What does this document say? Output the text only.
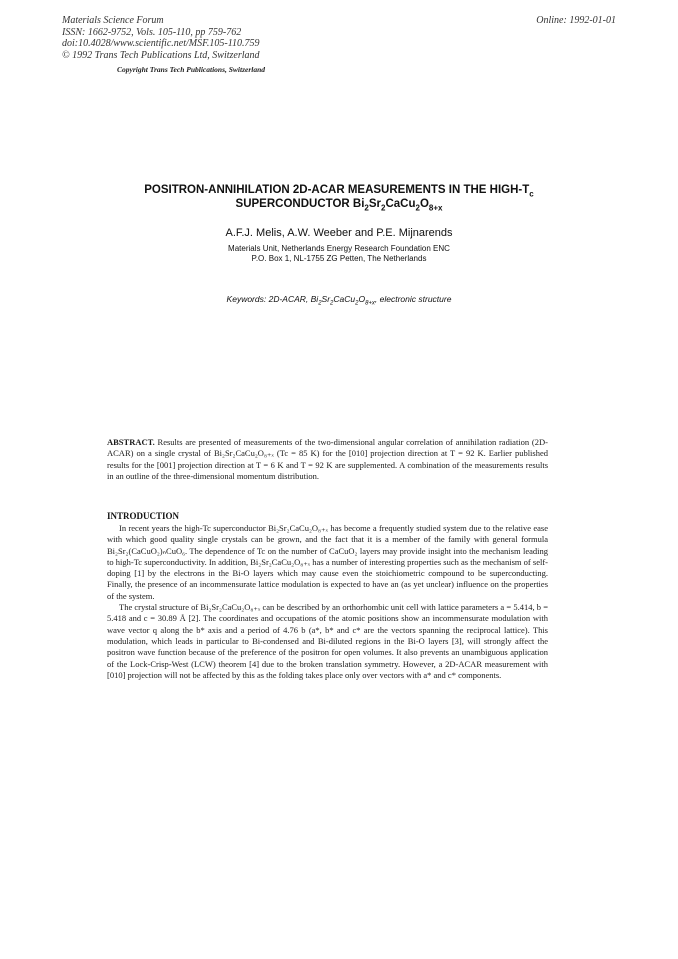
Materials Science Forum
ISSN: 1662-9752, Vols. 105-110, pp 759-762
doi:10.4028/www.scientific.net/MSF.105-110.759
© 1992 Trans Tech Publications Ltd, Switzerland
Online: 1992-01-01
Copyright Trans Tech Publications, Switzerland
POSITRON-ANNIHILATION 2D-ACAR MEASUREMENTS IN THE HIGH-$T_c$
SUPERCONDUCTOR $Bi_2Sr_2CaCu_2O_{8+x}$
A.F.J. Melis, A.W. Weeber and P.E. Mijnarends
Materials Unit, Netherlands Energy Research Foundation ENC
P.O. Box 1, NL-1755 ZG Petten, The Netherlands
Keywords: 2D-ACAR, $Bi_2Sr_2CaCu_2O_{8+x}$, electronic structure
ABSTRACT. Results are presented of measurements of the two-dimensional angular correlation of annihilation radiation (2D-ACAR) on a single crystal of Bi₂Sr₂CaCu₂O₈₊ₓ (Tc = 85 K) for the [010] projection direction at T = 92 K. Earlier published results for the [001] projection direction at T = 6 K and T = 92 K are supplemented. A combination of the measurements results in an outline of the three-dimensional momentum distribution.
INTRODUCTION

In recent years the high-Tc superconductor Bi₂Sr₂CaCu₂O₈₊ₓ has become a frequently studied system due to the relative ease with which good quality single crystals can be grown, and the fact that it is a member of the family with general formula Bi₂Sr₂(CaCuO₂)ₙCuO₆. The dependence of Tc on the number of CaCuO₂ layers may provide insight into the mechanism leading to high-Tc superconductivity. In addition, Bi₂Sr₂CaCu₂O₈₊ₓ has a number of interesting properties such as the mechanism of self-doping [1] by the electrons in the Bi-O layers which may cause even the stoichiometric compound to be superconducting. Finally, the presence of an incommensurate lattice modulation is expected to have an (as yet unclear) influence on the properties of the system.

The crystal structure of Bi₂Sr₂CaCu₂O₈₊ₓ can be described by an orthorhombic unit cell with lattice parameters a = 5.414, b = 5.418 and c = 30.89 Å [2]. The coordinates and occupations of the atomic positions show an incommensurate modulation with wave vector q along the b* axis and a period of 4.76 b (a*, b* and c* are the vectors spanning the reciprocal lattice). This modulation, which leads in particular to Bi-condensed and Bi-diluted regions in the Bi-O layers [3], will strongly affect the positron wave function because of the preference of the positron for open volumes. It also prevents an unambiguous application of the Lock-Crisp-West (LCW) theorem [4] due to the broken translation symmetry. However, a 2D-ACAR measurement with [010] projection will not be affected by this as the folding takes place only over vectors with a* and c* components.
